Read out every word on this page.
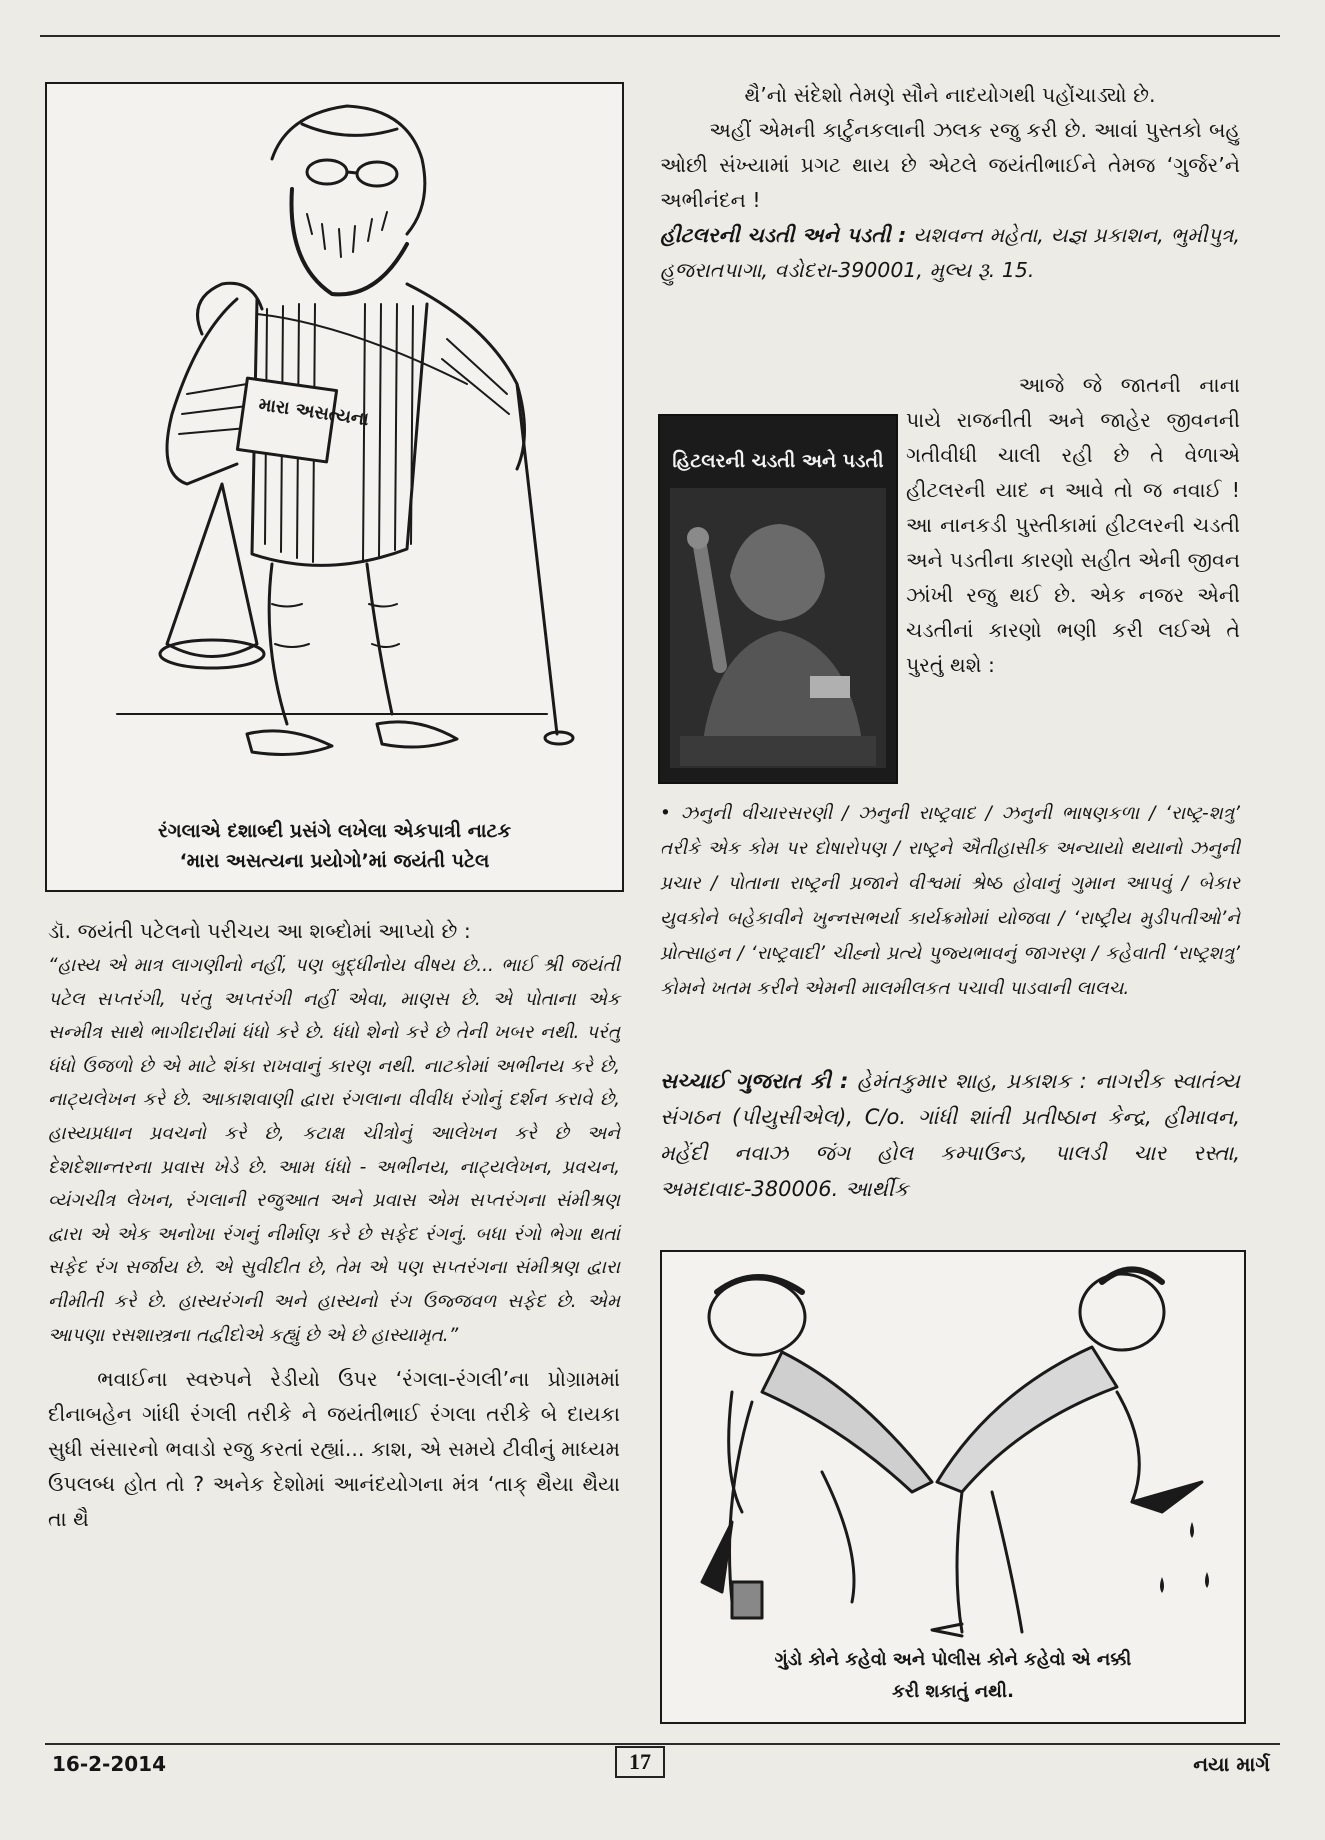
મારા અસત્યના
રંગલાએ દશાબ્દી પ્રસંગે લખેલા એકપાત્રી નાટક
‘મારા અસત્યના પ્રયોગો’માં જયંતી પટેલ

ડૉ. જયંતી પટેલનો પરીચય આ શબ્દોમાં આપ્યો છે :

“હાસ્ય એ માત્ર લાગણીનો નહીં, પણ બુદ્ધીનોય વીષય છે... ભાઈ શ્રી જયંતી પટેલ સપ્તરંગી, પરંતુ અપ્તરંગી નહીં એવા, માણસ છે. એ પોતાના એક સન્મીત્ર સાથે ભાગીદારીમાં ધંધો કરે છે. ધંધો શેનો કરે છે તેની ખબર નથી. પરંતુ ધંધો ઉજળો છે એ માટે શંકા રાખવાનું કારણ નથી. નાટકોમાં અભીનય કરે છે, નાટ્યલેખન કરે છે. આકાશવાણી દ્વારા રંગલાના વીવીધ રંગોનું દર્શન કરાવે છે, હાસ્યપ્રધાન પ્રવચનો કરે છે, કટાક્ષ ચીત્રોનું આલેખન કરે છે અને દેશદેશાન્તરના પ્રવાસ ખેડે છે. આમ ધંધો - અભીનય, નાટ્યલેખન, પ્રવચન, વ્યંગચીત્ર લેખન, રંગલાની રજુઆત અને પ્રવાસ એમ સપ્તરંગના સંમીશ્રણ દ્વારા એ એક અનોખા રંગનું નીર્માણ કરે છે સફેદ રંગનું. બધા રંગો ભેગા થતાં સફેદ રંગ સર્જાય છે. એ સુવીદીત છે, તેમ એ પણ સપ્તરંગના સંમીશ્રણ દ્વારા નીમીતી કરે છે. હાસ્યરંગની અને હાસ્યનો રંગ ઉજ્જવળ સફેદ છે. એમ આપણા રસશાસ્ત્રના તદ્વીદોએ કહ્યું છે એ છે હાસ્યામૃત.”

ભવાઈના સ્વરુપને રેડીયો ઉપર ‘રંગલા-રંગલી’ના પ્રોગ્રામમાં દીનાબહેન ગાંધી રંગલી તરીકે ને જયંતીભાઈ રંગલા તરીકે બે દાયકા સુધી સંસારનો ભવાડો રજુ કરતાં રહ્યાં... કાશ, એ સમયે ટીવીનું માધ્યમ ઉપલબ્ધ હોત તો ? અનેક દેશોમાં આનંદયોગના મંત્ર ‘તાક્ થૈયા થૈયા તા થૈ

થૈ’નો સંદેશો તેમણે સૌને નાદયોગથી પહોંચાડ્યો છે.

અહીં એમની કાર્ટુનકલાની ઝલક રજુ કરી છે. આવાં પુસ્તકો બહુ ઓછી સંખ્યામાં પ્રગટ થાય છે એટલે જયંતીભાઈને તેમજ ‘ગુર્જર’ને અભીનંદન !

હીટલરની ચડતી અને પડતી : યશવન્ત મહેતા, યજ્ઞ પ્રકાશન, ભુમીપુત્ર, હુજરાતપાગા, વડોદરા-390001, મુલ્ય રૂ. 15.

હિટલરની ચડતી અને પડતી

આજે જે જાતની નાના પાયે રાજનીતી અને જાહેર જીવનની ગતીવીધી ચાલી રહી છે તે વેળાએ હીટલરની યાદ ન આવે તો જ નવાઈ ! આ નાનકડી પુસ્તીકામાં હીટલરની ચડતી અને પડતીના કારણો સહીત એની જીવન ઝાંખી રજુ થઈ છે. એક નજર એની ચડતીનાં કારણો ભણી કરી લઈએ તે પુરતું થશે :

• ઝનુની વીચારસરણી / ઝનુની રાષ્ટ્રવાદ / ઝનુની ભાષણકળા / ‘રાષ્ટ્ર-શત્રુ’ તરીકે એક કોમ પર દોષારોપણ / રાષ્ટ્રને ઐતીહાસીક અન્યાયો થયાનો ઝનુની પ્રચાર / પોતાના રાષ્ટ્રની પ્રજાને વીશ્વમાં શ્રેષ્ઠ હોવાનું ગુમાન આપવું / બેકાર યુવકોને બહેકાવીને ખુન્નસભર્યા કાર્યક્રમોમાં યોજવા / ‘રાષ્ટ્રીય મુડીપતીઓ’ને પ્રોત્સાહન / ‘રાષ્ટ્રવાદી’ ચીહ્નો પ્રત્યે પુજ્યભાવનું જાગરણ / કહેવાતી ‘રાષ્ટ્રશત્રુ’ કોમને ખતમ કરીને એમની માલમીલકત પચાવી પાડવાની લાલચ.

સચ્ચાઈ ગુજરાત કી : હેમંતકુમાર શાહ, પ્રકાશક : નાગરીક સ્વાતંત્ર્ય સંગઠન (પીયુસીએલ), C/o. ગાંધી શાંતી પ્રતીષ્ઠાન કેન્દ્ર, હીમાવન, મહેંદી નવાઝ જંગ હોલ કમ્પાઉન્ડ, પાલડી ચાર રસ્તા, અમદાવાદ-380006. આર્થીક

ગુંડો કોને કહેવો અને પોલીસ કોને કહેવો એ નક્કી
કરી શકાતું નથી.
16-2-2014	17	નયા માર્ગ
